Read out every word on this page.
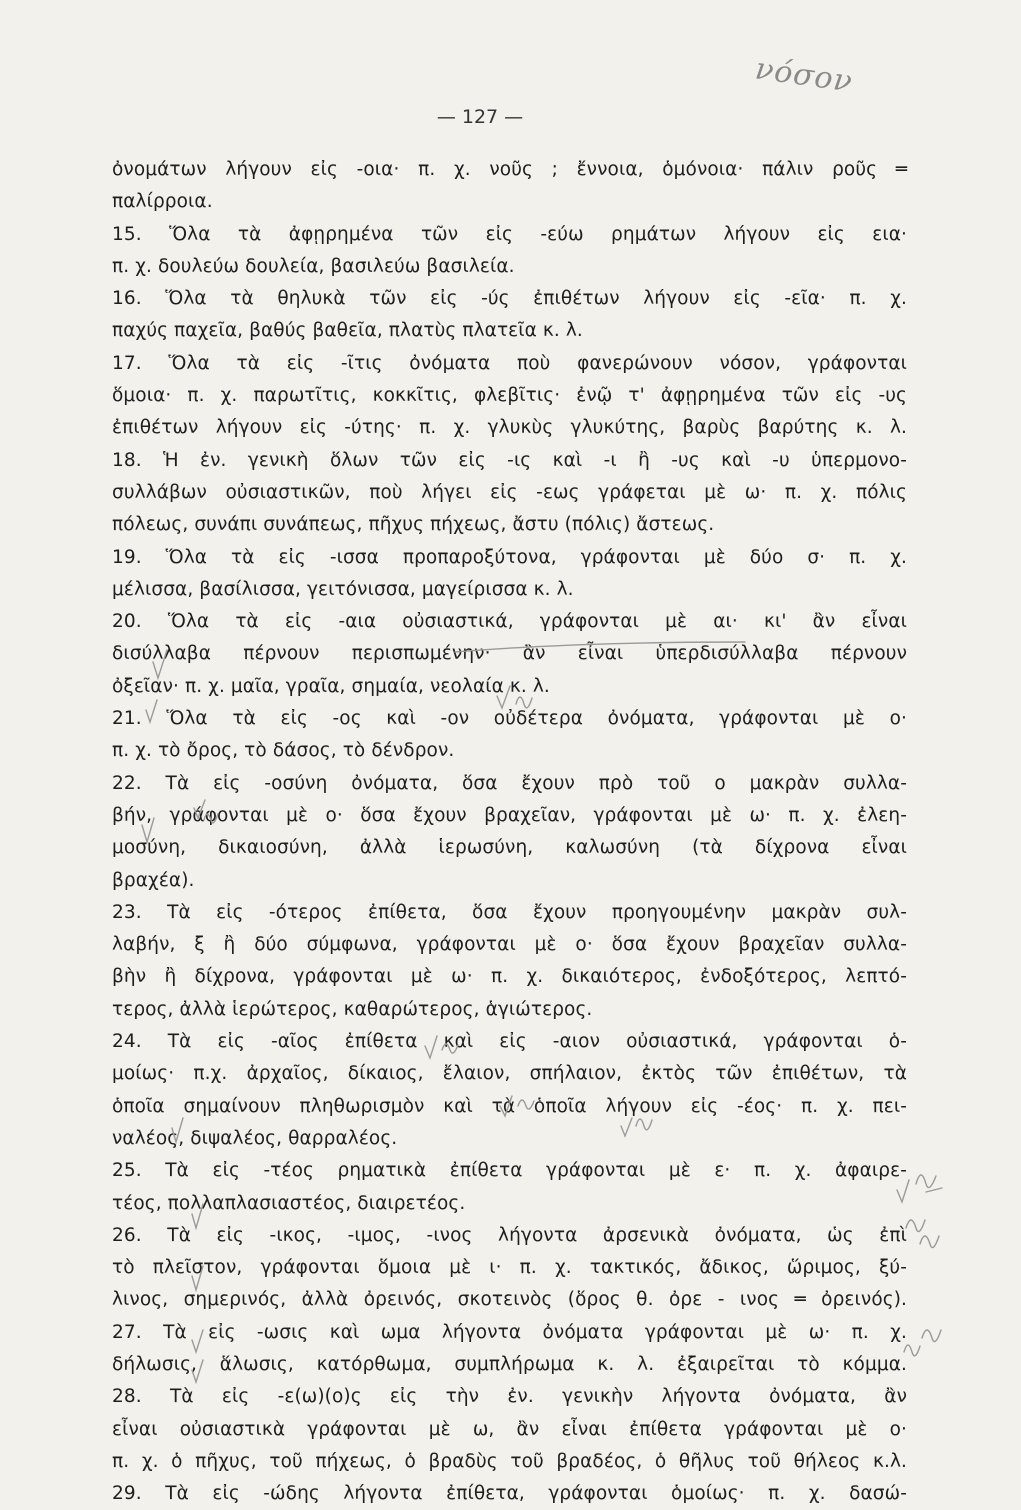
νόσον
— 127 —
ὀνομάτων λήγουν εἰς -οια· π. χ. νοῦς ; ἔννοια, ὁμόνοια· πάλιν ροῦς ═
παλίρροια.
15. Ὅλα τὰ ἀφῃρημένα τῶν εἰς -εύω ρημάτων λήγουν εἰς εια·
π. χ. δουλεύω δουλεία, βασιλεύω βασιλεία.
16. Ὅλα τὰ θηλυκὰ τῶν εἰς -ύς ἐπιθέτων λήγουν εἰς -εῖα· π. χ.
παχύς παχεῖα, βαθύς βαθεῖα, πλατὺς πλατεῖα κ. λ.
17. Ὅλα τὰ εἰς -ῖτις ὀνόματα ποὺ φανερώνουν νόσον, γράφονται
ὅμοια· π. χ. παρωτῖτις, κοκκῖτις, φλεβῖτις· ἐνῷ τ' ἀφῃρημένα τῶν εἰς -υς
ἐπιθέτων λήγουν εἰς -ύτης· π. χ. γλυκὺς γλυκύτης, βαρὺς βαρύτης κ. λ.
18. Ἡ ἐν. γενικὴ ὅλων τῶν εἰς -ις καὶ -ι ἢ -υς καὶ -υ ὑπερμονο-
συλλάβων οὐσιαστικῶν, ποὺ λήγει εἰς -εως γράφεται μὲ ω· π. χ. πόλις
πόλεως, συνάπι συνάπεως, πῆχυς πήχεως, ἄστυ (πόλις) ἄστεως.
19. Ὅλα τὰ εἰς -ισσα προπαροξύτονα, γράφονται μὲ δύο σ· π. χ.
μέλισσα, βασίλισσα, γειτόνισσα, μαγείρισσα κ. λ.
20. Ὅλα τὰ εἰς -αια οὐσιαστικά, γράφονται μὲ αι· κι' ἂν εἶναι
δισύλλαβα πέρνουν περισπωμένην· ἂν εἶναι ὑπερδισύλλαβα πέρνουν
ὀξεῖαν· π. χ. μαῖα, γραῖα, σημαία, νεολαία κ. λ.
21. Ὅλα τὰ εἰς -ος καὶ -ον οὐδέτερα ὀνόματα, γράφονται μὲ ο·
π. χ. τὸ ὄρος, τὸ δάσος, τὸ δένδρον.
22. Τὰ εἰς -οσύνη ὀνόματα, ὅσα ἔχουν πρὸ τοῦ ο μακρὰν συλλα-
βήν, γράφονται μὲ ο· ὅσα ἔχουν βραχεῖαν, γράφονται μὲ ω· π. χ. ἐλεη-
μοσύνη, δικαιοσύνη, ἀλλὰ ἱερωσύνη, καλωσύνη (τὰ δίχρονα εἶναι
βραχέα).
23. Τὰ εἰς -ότερος ἐπίθετα, ὅσα ἔχουν προηγουμένην μακρὰν συλ-
λαβήν, ξ ἢ δύο σύμφωνα, γράφονται μὲ ο· ὅσα ἔχουν βραχεῖαν συλλα-
βὴν ἢ δίχρονα, γράφονται μὲ ω· π. χ. δικαιότερος, ἐνδοξότερος, λεπτό-
τερος, ἀλλὰ ἱερώτερος, καθαρώτερος, ἁγιώτερος.
24. Τὰ εἰς -αῖος ἐπίθετα καὶ εἰς -αιον οὐσιαστικά, γράφονται ὁ-
μοίως· π.χ. ἀρχαῖος, δίκαιος, ἔλαιον, σπήλαιον, ἐκτὸς τῶν ἐπιθέτων, τὰ
ὁποῖα σημαίνουν πληθωρισμὸν καὶ τὰ ὁποῖα λήγουν εἰς -έος· π. χ. πει-
ναλέος, διψαλέος, θαρραλέος.
25. Τὰ εἰς -τέος ρηματικὰ ἐπίθετα γράφονται μὲ ε· π. χ. ἀφαιρε-
τέος, πολλαπλασιαστέος, διαιρετέος.
26. Τὰ εἰς -ικος, -ιμος, -ινος λήγοντα ἀρσενικὰ ὀνόματα, ὡς ἐπὶ
τὸ πλεῖστον, γράφονται ὅμοια μὲ ι· π. χ. τακτικός, ἄδικος, ὥριμος, ξύ-
λινος, σημερινός, ἀλλὰ ὀρεινός, σκοτεινὸς (ὅρος θ. ὀρε - ινος ═ ὀρεινός).
27. Τὰ εἰς -ωσις καὶ ωμα λήγοντα ὀνόματα γράφονται μὲ ω· π. χ.
δήλωσις, ἅλωσις, κατόρθωμα, συμπλήρωμα κ. λ. ἐξαιρεῖται τὸ κόμμα.
28. Τὰ εἰς -ε(ω)(ο)ς εἰς τὴν ἐν. γενικὴν λήγοντα ὀνόματα, ἂν
εἶναι οὐσιαστικὰ γράφονται μὲ ω, ἂν εἶναι ἐπίθετα γράφονται μὲ ο·
π. χ. ὁ πῆχυς, τοῦ πήχεως, ὁ βραδὺς τοῦ βραδέος, ὁ θῆλυς τοῦ θήλεος κ.λ.
29. Τὰ εἰς -ώδης λήγοντα ἐπίθετα, γράφονται ὁμοίως· π. χ. δασώ-
